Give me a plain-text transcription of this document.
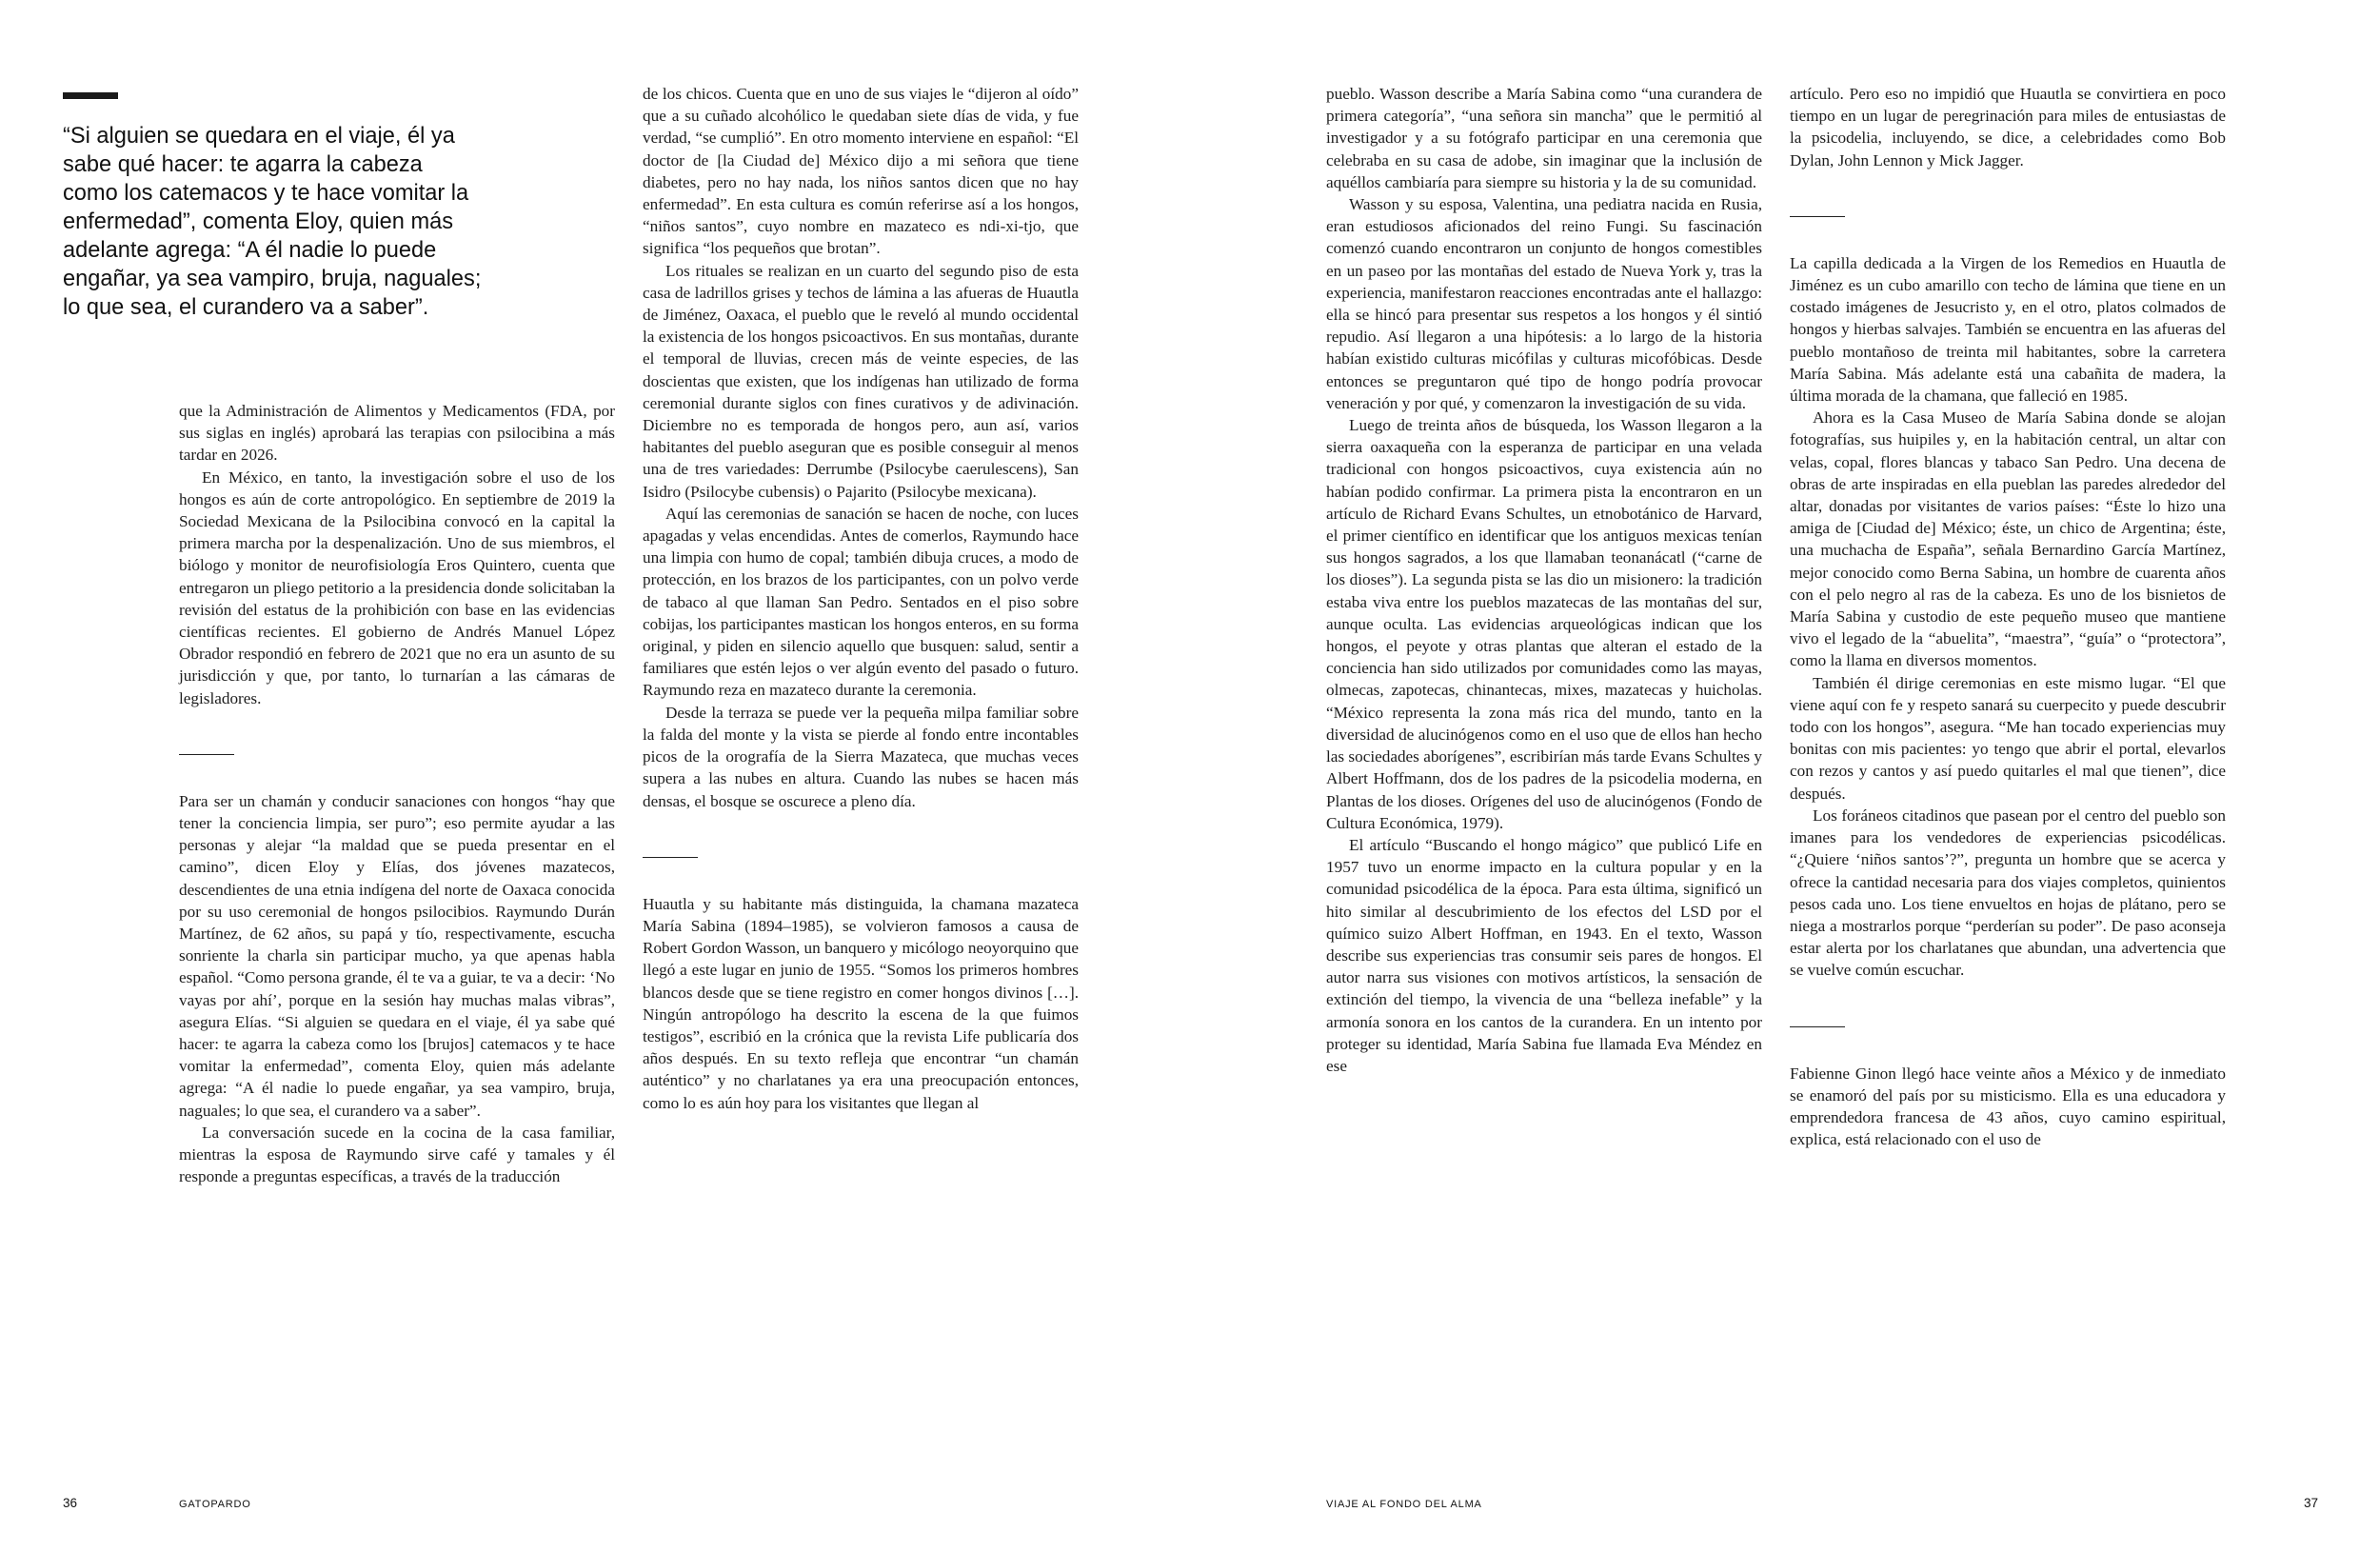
“Si alguien se quedara en el viaje, él ya sabe qué hacer: te agarra la cabeza como los catemacos y te hace vomitar la enfermedad”, comenta Eloy, quien más adelante agrega: “A él nadie lo puede engañar, ya sea vampiro, bruja, naguales; lo que sea, el curandero va a saber”.

que la Administración de Alimentos y Medicamentos (FDA, por sus siglas en inglés) aprobará las terapias con psilocibina a más tardar en 2026.

En México, en tanto, la investigación sobre el uso de los hongos es aún de corte antropológico. En septiembre de 2019 la Sociedad Mexicana de la Psilocibina convocó en la capital la primera marcha por la despenalización. Uno de sus miembros, el biólogo y monitor de neurofisiología Eros Quintero, cuenta que entregaron un pliego petitorio a la presidencia donde solicitaban la revisión del estatus de la prohibición con base en las evidencias científicas recientes. El gobierno de Andrés Manuel López Obrador respondió en febrero de 2021 que no era un asunto de su jurisdicción y que, por tanto, lo turnarían a las cámaras de legisladores.

Para ser un chamán y conducir sanaciones con hongos “hay que tener la conciencia limpia, ser puro”; eso permite ayudar a las personas y alejar “la maldad que se pueda presentar en el camino”, dicen Eloy y Elías, dos jóvenes mazatecos, descendientes de una etnia indígena del norte de Oaxaca conocida por su uso ceremonial de hongos psilocibios. Raymundo Durán Martínez, de 62 años, su papá y tío, respectivamente, escucha sonriente la charla sin participar mucho, ya que apenas habla español. “Como persona grande, él te va a guiar, te va a decir: ‘No vayas por ahí’, porque en la sesión hay muchas malas vibras”, asegura Elías. “Si alguien se quedara en el viaje, él ya sabe qué hacer: te agarra la cabeza como los [brujos] catemacos y te hace vomitar la enfermedad”, comenta Eloy, quien más adelante agrega: “A él nadie lo puede engañar, ya sea vampiro, bruja, naguales; lo que sea, el curandero va a saber”.

La conversación sucede en la cocina de la casa familiar, mientras la esposa de Raymundo sirve café y tamales y él responde a preguntas específicas, a través de la traducción

de los chicos. Cuenta que en uno de sus viajes le “dijeron al oído” que a su cuñado alcohólico le quedaban siete días de vida, y fue verdad, “se cumplió”. En otro momento interviene en español: “El doctor de [la Ciudad de] México dijo a mi señora que tiene diabetes, pero no hay nada, los niños santos dicen que no hay enfermedad”. En esta cultura es común referirse así a los hongos, “niños santos”, cuyo nombre en mazateco es ndi-xi-tjo, que significa “los pequeños que brotan”.

Los rituales se realizan en un cuarto del segundo piso de esta casa de ladrillos grises y techos de lámina a las afueras de Huautla de Jiménez, Oaxaca, el pueblo que le reveló al mundo occidental la existencia de los hongos psicoactivos. En sus montañas, durante el temporal de lluvias, crecen más de veinte especies, de las doscientas que existen, que los indígenas han utilizado de forma ceremonial durante siglos con fines curativos y de adivinación. Diciembre no es temporada de hongos pero, aun así, varios habitantes del pueblo aseguran que es posible conseguir al menos una de tres variedades: Derrumbe (Psilocybe caerulescens), San Isidro (Psilocybe cubensis) o Pajarito (Psilocybe mexicana).

Aquí las ceremonias de sanación se hacen de noche, con luces apagadas y velas encendidas. Antes de comerlos, Raymundo hace una limpia con humo de copal; también dibuja cruces, a modo de protección, en los brazos de los participantes, con un polvo verde de tabaco al que llaman San Pedro. Sentados en el piso sobre cobijas, los participantes mastican los hongos enteros, en su forma original, y piden en silencio aquello que busquen: salud, sentir a familiares que estén lejos o ver algún evento del pasado o futuro. Raymundo reza en mazateco durante la ceremonia.

Desde la terraza se puede ver la pequeña milpa familiar sobre la falda del monte y la vista se pierde al fondo entre incontables picos de la orografía de la Sierra Mazateca, que muchas veces supera a las nubes en altura. Cuando las nubes se hacen más densas, el bosque se oscurece a pleno día.

Huautla y su habitante más distinguida, la chamana mazateca María Sabina (1894–1985), se volvieron famosos a causa de Robert Gordon Wasson, un banquero y micólogo neoyorquino que llegó a este lugar en junio de 1955. “Somos los primeros hombres blancos desde que se tiene registro en comer hongos divinos […]. Ningún antropólogo ha descrito la escena de la que fuimos testigos”, escribió en la crónica que la revista Life publicaría dos años después. En su texto refleja que encontrar “un chamán auténtico” y no charlatanes ya era una preocupación entonces, como lo es aún hoy para los visitantes que llegan al

36	GATOPARDO

pueblo. Wasson describe a María Sabina como “una curandera de primera categoría”, “una señora sin mancha” que le permitió al investigador y a su fotógrafo participar en una ceremonia que celebraba en su casa de adobe, sin imaginar que la inclusión de aquéllos cambiaría para siempre su historia y la de su comunidad.

Wasson y su esposa, Valentina, una pediatra nacida en Rusia, eran estudiosos aficionados del reino Fungi. Su fascinación comenzó cuando encontraron un conjunto de hongos comestibles en un paseo por las montañas del estado de Nueva York y, tras la experiencia, manifestaron reacciones encontradas ante el hallazgo: ella se hincó para presentar sus respetos a los hongos y él sintió repudio. Así llegaron a una hipótesis: a lo largo de la historia habían existido culturas micófilas y culturas micofóbicas. Desde entonces se preguntaron qué tipo de hongo podría provocar veneración y por qué, y comenzaron la investigación de su vida.

Luego de treinta años de búsqueda, los Wasson llegaron a la sierra oaxaqueña con la esperanza de participar en una velada tradicional con hongos psicoactivos, cuya existencia aún no habían podido confirmar. La primera pista la encontraron en un artículo de Richard Evans Schultes, un etnobotánico de Harvard, el primer científico en identificar que los antiguos mexicas tenían sus hongos sagrados, a los que llamaban teonanácatl (“carne de los dioses”). La segunda pista se las dio un misionero: la tradición estaba viva entre los pueblos mazatecas de las montañas del sur, aunque oculta. Las evidencias arqueológicas indican que los hongos, el peyote y otras plantas que alteran el estado de la conciencia han sido utilizados por comunidades como las mayas, olmecas, zapotecas, chinantecas, mixes, mazatecas y huicholas. “México representa la zona más rica del mundo, tanto en la diversidad de alucinógenos como en el uso que de ellos han hecho las sociedades aborígenes”, escribirían más tarde Evans Schultes y Albert Hoffmann, dos de los padres de la psicodelia moderna, en Plantas de los dioses. Orígenes del uso de alucinógenos (Fondo de Cultura Económica, 1979).

El artículo “Buscando el hongo mágico” que publicó Life en 1957 tuvo un enorme impacto en la cultura popular y en la comunidad psicodélica de la época. Para esta última, significó un hito similar al descubrimiento de los efectos del LSD por el químico suizo Albert Hoffman, en 1943. En el texto, Wasson describe sus experiencias tras consumir seis pares de hongos. El autor narra sus visiones con motivos artísticos, la sensación de extinción del tiempo, la vivencia de una “belleza inefable” y la armonía sonora en los cantos de la curandera. En un intento por proteger su identidad, María Sabina fue llamada Eva Méndez en ese

artículo. Pero eso no impidió que Huautla se convirtiera en poco tiempo en un lugar de peregrinación para miles de entusiastas de la psicodelia, incluyendo, se dice, a celebridades como Bob Dylan, John Lennon y Mick Jagger.

La capilla dedicada a la Virgen de los Remedios en Huautla de Jiménez es un cubo amarillo con techo de lámina que tiene en un costado imágenes de Jesucristo y, en el otro, platos colmados de hongos y hierbas salvajes. También se encuentra en las afueras del pueblo montañoso de treinta mil habitantes, sobre la carretera María Sabina. Más adelante está una cabañita de madera, la última morada de la chamana, que falleció en 1985.

Ahora es la Casa Museo de María Sabina donde se alojan fotografías, sus huipiles y, en la habitación central, un altar con velas, copal, flores blancas y tabaco San Pedro. Una decena de obras de arte inspiradas en ella pueblan las paredes alrededor del altar, donadas por visitantes de varios países: “Éste lo hizo una amiga de [Ciudad de] México; éste, un chico de Argentina; éste, una muchacha de España”, señala Bernardino García Martínez, mejor conocido como Berna Sabina, un hombre de cuarenta años con el pelo negro al ras de la cabeza. Es uno de los bisnietos de María Sabina y custodio de este pequeño museo que mantiene vivo el legado de la “abuelita”, “maestra”, “guía” o “protectora”, como la llama en diversos momentos.

También él dirige ceremonias en este mismo lugar. “El que viene aquí con fe y respeto sanará su cuerpecito y puede descubrir todo con los hongos”, asegura. “Me han tocado experiencias muy bonitas con mis pacientes: yo tengo que abrir el portal, elevarlos con rezos y cantos y así puedo quitarles el mal que tienen”, dice después.

Los foráneos citadinos que pasean por el centro del pueblo son imanes para los vendedores de experiencias psicodélicas. “¿Quiere ‘niños santos’?”, pregunta un hombre que se acerca y ofrece la cantidad necesaria para dos viajes completos, quinientos pesos cada uno. Los tiene envueltos en hojas de plátano, pero se niega a mostrarlos porque “perderían su poder”. De paso aconseja estar alerta por los charlatanes que abundan, una advertencia que se vuelve común escuchar.

Fabienne Ginon llegó hace veinte años a México y de inmediato se enamoró del país por su misticismo. Ella es una educadora y emprendedora francesa de 43 años, cuyo camino espiritual, explica, está relacionado con el uso de

VIAJE AL FONDO DEL ALMA	37
